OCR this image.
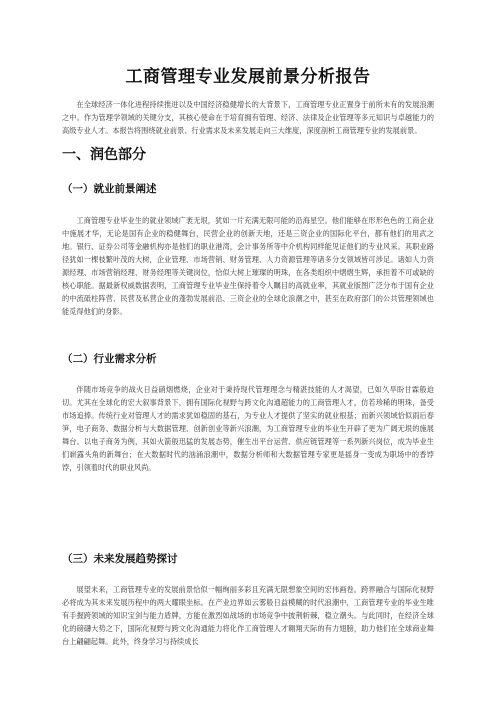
工商管理专业发展前景分析报告

在全球经济一体化进程持续推进以及中国经济稳健增长的大背景下，工商管理专业正置身于前所未有的发展浪潮之中。作为管理学领域的关键分支，其核心使命在于培育拥有管理、经济、法律及企业管理等多元知识与卓越能力的高级专业人才。本报告将围绕就业前景、行业需求及未来发展走向三大维度，深度剖析工商管理专业的发展前景。

一、润色部分
（一）就业前景阐述

工商管理专业毕业生的就业领域广袤无垠，犹如一片充满无限可能的沿海星空。他们能够在形形色色的工商企业中施展才华，无论是国有企业的稳健舞台，民营企业的创新天地，还是三资企业的国际化平台，都有他们的用武之地。银行、证券公司等金融机构亦是他们的职业港湾，会计事务所等中介机构同样能见证他们的专业风采。其职业路径犹如一棵枝繁叶茂的大树，企业管理、市场营销、财务管理、人力资源管理等诸多分支领域皆可涉足。诸如人力资源经理、市场营销经理、财务经理等关键岗位，恰似大树上璀璨的明珠，在各类组织中熠熠生辉，承担着不可或缺的核心职能。据最新权威数据表明，工商管理专业毕业生保持着令人瞩目的高就业率，其就业版图广泛分布于国有企业的中流砥柱阵营、民营及私营企业的蓬勃发展前沿、三资企业的全球化浪潮之中，甚至在政府部门的公共管理领域也能觅得他们的身影。

（二）行业需求分析

伴随市场竞争的战火日益硝烟燃烧，企业对于秉持现代管理理念与精湛技能的人才渴望，已如久旱盼甘霖般迫切。尤其在全球化的宏大叙事背景下，拥有国际化视野与跨文化沟通超能力的工商管理人才，仿若珍稀的明珠，备受市场追捧。传统行业对管理人才的需求犹如稳固的基石，为专业人才提供了坚实的就业根基；而新兴领域恰似雨后春笋，电子商务、数据分析与大数据管理、创新创业等新兴浪潮，为工商管理专业的毕业生开辟了更为广阔无垠的施展舞台。以电子商务为例，其如火箭般迅猛的发展态势，催生出平台运营、供应链管理等一系列新兴岗位，成为毕业生们崭露头角的新舞台；在大数据时代的汹涌浪潮中，数据分析师和大数据管理专家更是摇身一变成为职场中的香饽饽，引领着时代的职业风尚。

（三）未来发展趋势探讨

展望未来，工商管理专业的发展前景恰似一幅绚丽多彩且充满无限想象空间的宏伟画卷。跨界融合与国际化视野必将成为其未来发展历程中的两大耀眼坐标。在产业边界如云雾般日益模糊的时代浪潮中，工商管理专业的毕业生唯有手握跨领域的知识宝剑与能力盾牌，方能在激烈如战场的市场竞争中披荆斩棘，稳立潮头。与此同时，在经济全球化的磅礴大势之下，国际化视野与跨文化沟通能力将化作工商管理人才翱翔天际的有力翅膀，助力他们在全球商业舞台上翩翩起舞。此外，终身学习与持续成长
